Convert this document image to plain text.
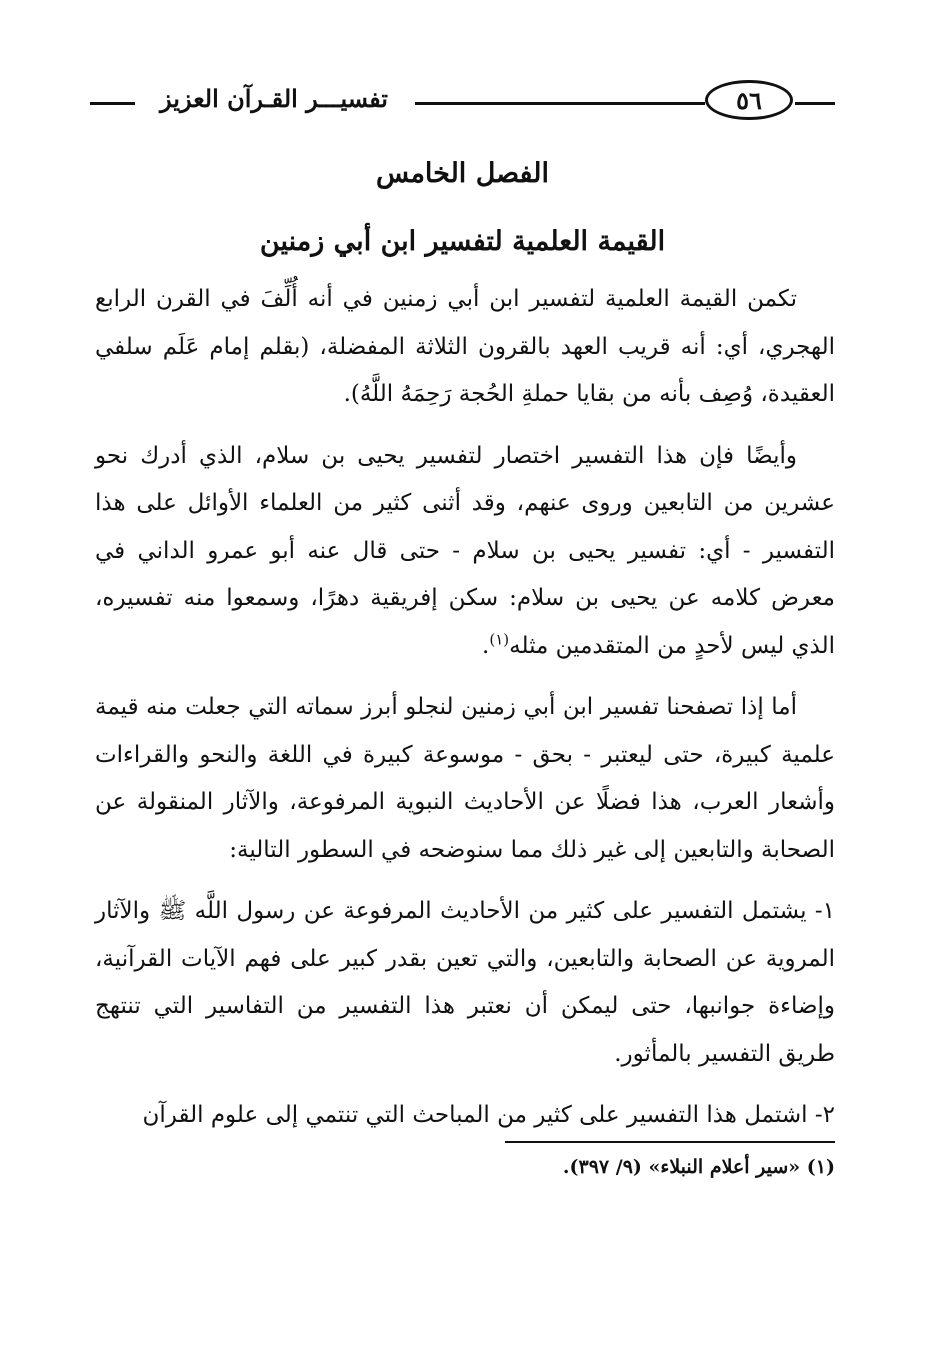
٥٦
تفسيـــر القـرآن العزيز
الفصل الخامس
القيمة العلمية لتفسير ابن أبي زمنين

تكمن القيمة العلمية لتفسير ابن أبي زمنين في أنه أُلِّفَ في القرن الرابع الهجري، أي: أنه قريب العهد بالقرون الثلاثة المفضلة، (بقلم إمام عَلَم سلفي العقيدة، وُصِف بأنه من بقايا حملةِ الحُجة رَحِمَهُ اللَّهُ).

وأيضًا فإن هذا التفسير اختصار لتفسير يحيى بن سلام، الذي أدرك نحو عشرين من التابعين وروى عنهم، وقد أثنى كثير من العلماء الأوائل على هذا التفسير - أي: تفسير يحيى بن سلام - حتى قال عنه أبو عمرو الداني في معرض كلامه عن يحيى بن سلام: سكن إفريقية دهرًا، وسمعوا منه تفسيره، الذي ليس لأحدٍ من المتقدمين مثله$^{(١)}$.

أما إذا تصفحنا تفسير ابن أبي زمنين لنجلو أبرز سماته التي جعلت منه قيمة علمية كبيرة، حتى ليعتبر - بحق - موسوعة كبيرة في اللغة والنحو والقراءات وأشعار العرب، هذا فضلًا عن الأحاديث النبوية المرفوعة، والآثار المنقولة عن الصحابة والتابعين إلى غير ذلك مما سنوضحه في السطور التالية:

١- يشتمل التفسير على كثير من الأحاديث المرفوعة عن رسول اللَّه ﷺ والآثار المروية عن الصحابة والتابعين، والتي تعين بقدر كبير على فهم الآيات القرآنية، وإضاءة جوانبها، حتى ليمكن أن نعتبر هذا التفسير من التفاسير التي تنتهج طريق التفسير بالمأثور.

٢- اشتمل هذا التفسير على كثير من المباحث التي تنتمي إلى علوم القرآن

(١) «سير أعلام النبلاء» (٩/ ٣٩٧).
